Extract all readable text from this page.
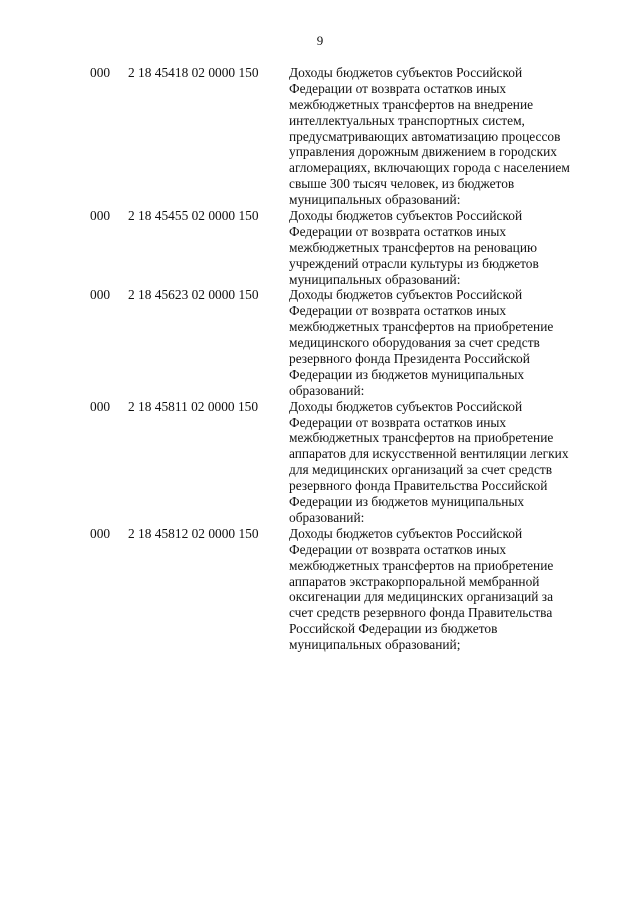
9
000 2 18 45418 02 0000 150 Доходы бюджетов субъектов Российской
Федерации от возврата остатков иных
межбюджетных трансфертов на внедрение
интеллектуальных транспортных систем,
предусматривающих автоматизацию процессов
управления дорожным движением в городских
агломерациях, включающих города с населением
свыше 300 тысяч человек, из бюджетов
муниципальных образований:
000 2 18 45455 02 0000 150 Доходы бюджетов субъектов Российской
Федерации от возврата остатков иных
межбюджетных трансфертов на реновацию
учреждений отрасли культуры из бюджетов
муниципальных образований:
000 2 18 45623 02 0000 150 Доходы бюджетов субъектов Российской
Федерации от возврата остатков иных
межбюджетных трансфертов на приобретение
медицинского оборудования за счет средств
резервного фонда Президента Российской
Федерации из бюджетов муниципальных
образований:
000 2 18 45811 02 0000 150 Доходы бюджетов субъектов Российской
Федерации от возврата остатков иных
межбюджетных трансфертов на приобретение
аппаратов для искусственной вентиляции легких
для медицинских организаций за счет средств
резервного фонда Правительства Российской
Федерации из бюджетов муниципальных
образований:
000 2 18 45812 02 0000 150 Доходы бюджетов субъектов Российской
Федерации от возврата остатков иных
межбюджетных трансфертов на приобретение
аппаратов экстракорпоральной мембранной
оксигенации для медицинских организаций за
счет средств резервного фонда Правительства
Российской Федерации из бюджетов
муниципальных образований;
